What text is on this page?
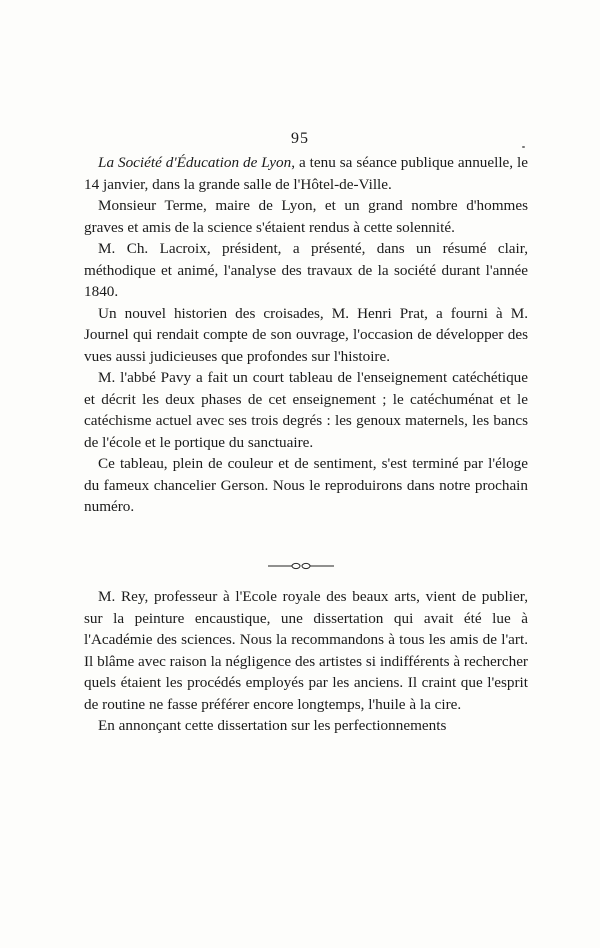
95

La Société d'Éducation de Lyon, a tenu sa séance publique annuelle, le 14 janvier, dans la grande salle de l'Hôtel-de-Ville.

Monsieur Terme, maire de Lyon, et un grand nombre d'hommes graves et amis de la science s'étaient rendus à cette solennité.

M. Ch. Lacroix, président, a présenté, dans un résumé clair, méthodique et animé, l'analyse des travaux de la société durant l'année 1840.

Un nouvel historien des croisades, M. Henri Prat, a fourni à M. Journel qui rendait compte de son ouvrage, l'occasion de développer des vues aussi judicieuses que profondes sur l'histoire.

M. l'abbé Pavy a fait un court tableau de l'enseignement catéchétique et décrit les deux phases de cet enseignement ; le catéchuménat et le catéchisme actuel avec ses trois degrés : les genoux maternels, les bancs de l'école et le portique du sanctuaire.

Ce tableau, plein de couleur et de sentiment, s'est terminé par l'éloge du fameux chancelier Gerson. Nous le reproduirons dans notre prochain numéro.

M. Rey, professeur à l'Ecole royale des beaux arts, vient de publier, sur la peinture encaustique, une dissertation qui avait été lue à l'Académie des sciences. Nous la recommandons à tous les amis de l'art. Il blâme avec raison la négligence des artistes si indifférents à rechercher quels étaient les procédés employés par les anciens. Il craint que l'esprit de routine ne fasse préférer encore longtemps, l'huile à la cire.

En annonçant cette dissertation sur les perfectionnements
